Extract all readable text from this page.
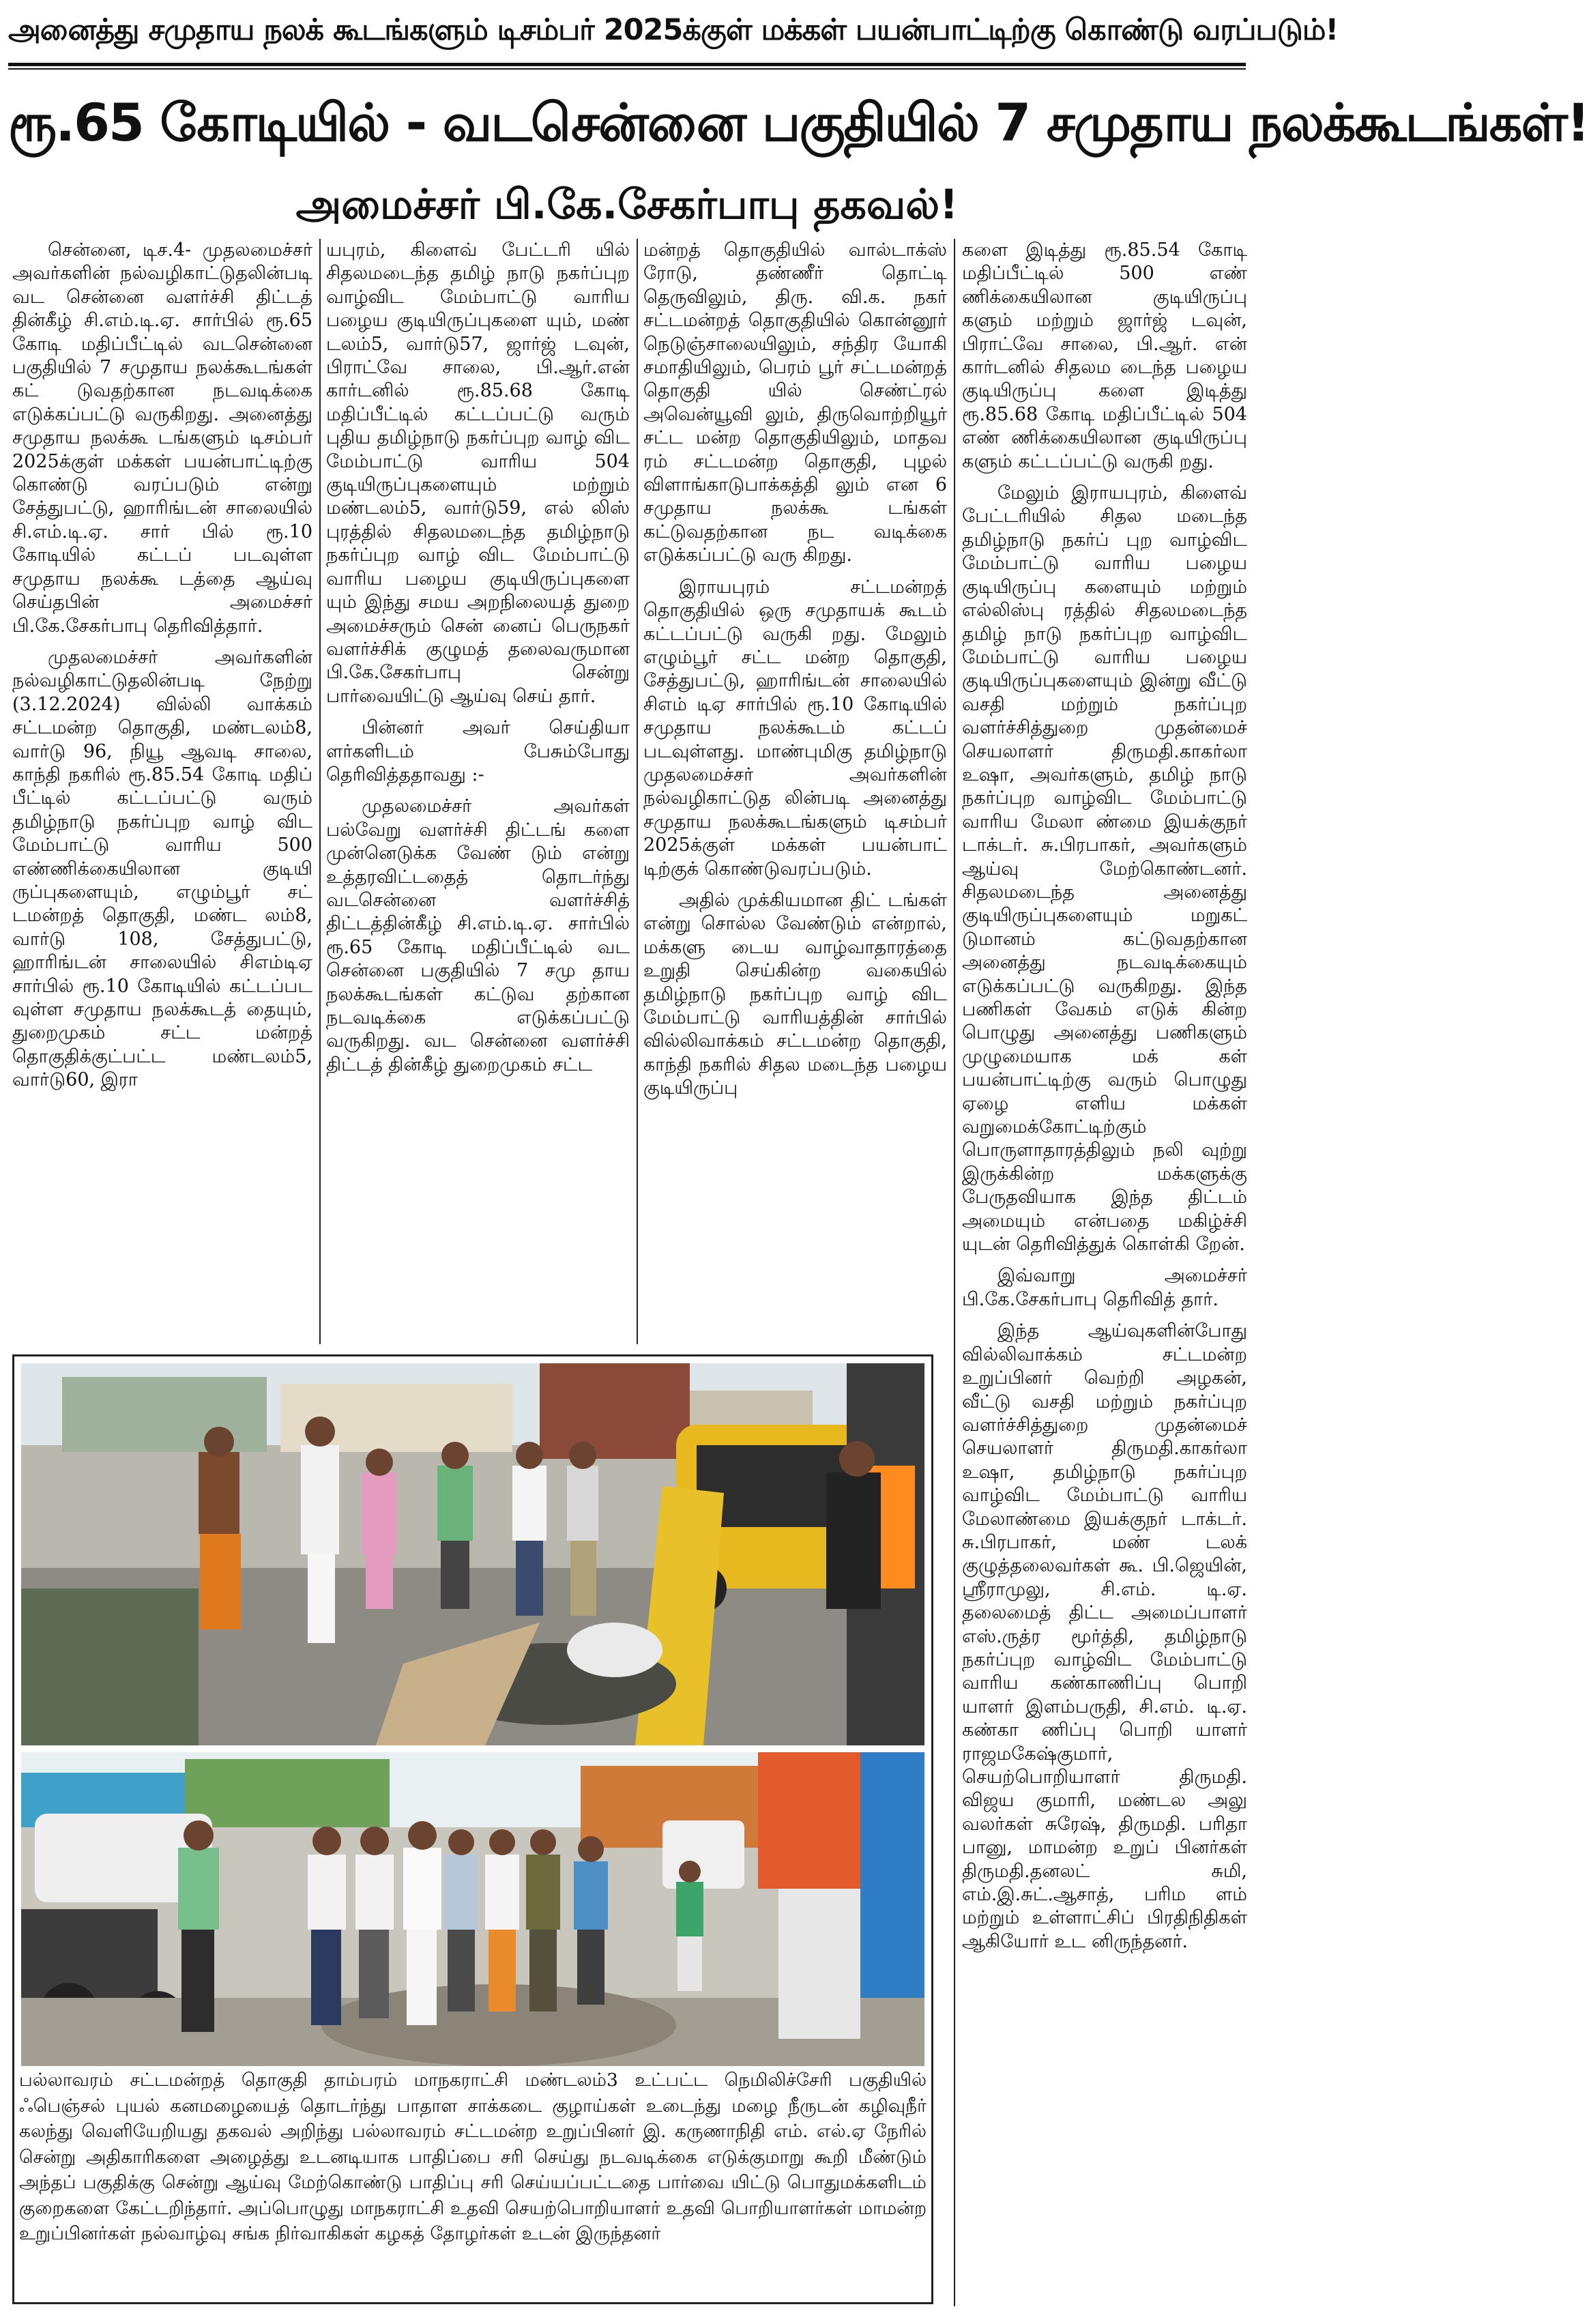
அனைத்து சமுதாய நலக் கூடங்களும் டிசம்பர் 2025க்குள் மக்கள் பயன்பாட்டிற்கு கொண்டு வரப்படும்!
ரூ.65 கோடியில் - வடசென்னை பகுதியில் 7 சமுதாய நலக்கூடங்கள்!
அமைச்சர் பி.கே.சேகர்பாபு தகவல்!

சென்னை, டிச.4- முதலமைச்சர் அவர்களின் நல்வழிகாட்டுதலின்படி வட சென்னை வளர்ச்சி திட்டத் தின்கீழ் சி.எம்.டி.ஏ. சார்பில் ரூ.65 கோடி மதிப்பீட்டில் வடசென்னை பகுதியில் 7 சமுதாய நலக்கூடங்கள் கட் டுவதற்கான நடவடிக்கை எடுக்கப்பட்டு வருகிறது. அனைத்து சமுதாய நலக்கூ டங்களும் டிசம்பர் 2025க்குள் மக்கள் பயன்பாட்டிற்கு கொண்டு வரப்படும் என்று சேத்துபட்டு, ஹாரிங்டன் சாலையில் சி.எம்.டி.ஏ. சார் பில் ரூ.10 கோடியில் கட்டப் படவுள்ள சமுதாய நலக்கூ டத்தை ஆய்வு செய்தபின் அமைச்சர் பி.கே.சேகர்பாபு தெரிவித்தார்.

முதலமைச்சர் அவர்களின் நல்வழிகாட்டுதலின்படி நேற்று (3.12.2024) வில்லி வாக்கம் சட்டமன்ற தொகுதி, மண்டலம்8, வார்டு 96, நியூ ஆவடி சாலை, காந்தி நகரில் ரூ.85.54 கோடி மதிப் பீட்டில் கட்டப்பட்டு வரும் தமிழ்நாடு நகர்ப்புற வாழ் விட மேம்பாட்டு வாரிய 500 எண்ணிக்கையிலான குடியி ருப்புகளையும், எழும்பூர் சட் டமன்றத் தொகுதி, மண்ட லம்8, வார்டு 108, சேத்துபட்டு, ஹாரிங்டன் சாலையில் சிஎம்டிஏ சார்பில் ரூ.10 கோடியில் கட்டப்பட வுள்ள சமுதாய நலக்கூடத் தையும், துறைமுகம் சட்ட மன்றத் தொகுதிக்குட்பட்ட மண்டலம்5, வார்டு60, இரா

யபுரம், கிளைவ் பேட்டரி யில் சிதலமடைந்த தமிழ் நாடு நகர்ப்புற வாழ்விட மேம்பாட்டு வாரிய பழைய குடியிருப்புகளை யும், மண் டலம்5, வார்டு57, ஜார்ஜ் டவுன், பிராட்வே சாலை, பி.ஆர்.என் கார்டனில் ரூ.85.68 கோடி மதிப்பீட்டில் கட்டப்பட்டு வரும் புதிய தமிழ்நாடு நகர்ப்புற வாழ் விட மேம்பாட்டு வாரிய 504 குடியிருப்புகளையும் மற்றும் மண்டலம்5, வார்டு59, எல் லிஸ் புரத்தில் சிதலமடைந்த தமிழ்நாடு நகர்ப்புற வாழ் விட மேம்பாட்டு வாரிய பழைய குடியிருப்புகளை யும் இந்து சமய அறநிலையத் துறை அமைச்சரும் சென் னைப் பெருநகர் வளர்ச்சிக் குழுமத் தலைவருமான பி.கே.சேகர்பாபு சென்று பார்வையிட்டு ஆய்வு செய் தார்.

பின்னர் அவர் செய்தியா ளர்களிடம் பேசும்போது தெரிவித்ததாவது :-

முதலமைச்சர் அவர்கள் பல்வேறு வளர்ச்சி திட்டங் களை முன்னெடுக்க வேண் டும் என்று உத்தரவிட்டதைத் தொடர்ந்து வடசென்னை வளர்ச்சித் திட்டத்தின்கீழ் சி.எம்.டி.ஏ. சார்பில் ரூ.65 கோடி மதிப்பீட்டில் வட சென்னை பகுதியில் 7 சமு தாய நலக்கூடங்கள் கட்டுவ தற்கான நடவடிக்கை எடுக்கப்பட்டு வருகிறது. வட சென்னை வளர்ச்சி திட்டத் தின்கீழ் துறைமுகம் சட்ட

மன்றத் தொகுதியில் வால்டாக்ஸ் ரோடு, தண்ணீர் தொட்டி தெருவிலும், திரு. வி.க. நகர் சட்டமன்றத் தொகுதியில் கொன்னூர் நெடுஞ்சாலையிலும், சந்திர யோகி சமாதியிலும், பெரம் பூர் சட்டமன்றத் தொகுதி யில் செண்ட்ரல் அவென்யூவி லும், திருவொற்றியூர் சட்ட மன்ற தொகுதியிலும், மாதவ ரம் சட்டமன்ற தொகுதி, புழல் விளாங்காடுபாக்கத்தி லும் என 6 சமுதாய நலக்கூ டங்கள் கட்டுவதற்கான நட வடிக்கை எடுக்கப்பட்டு வரு கிறது.

இராயபுரம் சட்டமன்றத் தொகுதியில் ஒரு சமுதாயக் கூடம் கட்டப்பட்டு வருகி றது. மேலும் எழும்பூர் சட்ட மன்ற தொகுதி, சேத்துபட்டு, ஹாரிங்டன் சாலையில் சிஎம் டிஏ சார்பில் ரூ.10 கோடியில் சமுதாய நலக்கூடம் கட்டப் படவுள்ளது. மாண்புமிகு தமிழ்நாடு முதலமைச்சர் அவர்களின் நல்வழிகாட்டுத லின்படி அனைத்து சமுதாய நலக்கூடங்களும் டிசம்பர் 2025க்குள் மக்கள் பயன்பாட் டிற்குக் கொண்டுவரப்படும்.

அதில் முக்கியமான திட் டங்கள் என்று சொல்ல வேண்டும் என்றால், மக்களு டைய வாழ்வாதாரத்தை உறுதி செய்கின்ற வகையில் தமிழ்நாடு நகர்ப்புற வாழ் விட மேம்பாட்டு வாரியத்தின் சார்பில் வில்லிவாக்கம் சட்டமன்ற தொகுதி, காந்தி நகரில் சிதல மடைந்த பழைய குடியிருப்பு

களை இடித்து ரூ.85.54 கோடி மதிப்பீட்டில் 500 எண் ணிக்கையிலான குடியிருப்பு களும் மற்றும் ஜார்ஜ் டவுன், பிராட்வே சாலை, பி.ஆர். என் கார்டனில் சிதலம டைந்த பழைய குடியிருப்பு களை இடித்து ரூ.85.68 கோடி மதிப்பீட்டில் 504 எண் ணிக்கையிலான குடியிருப்பு களும் கட்டப்பட்டு வருகி றது.

மேலும் இராயபுரம், கிளைவ் பேட்டரியில் சிதல மடைந்த தமிழ்நாடு நகர்ப் புற வாழ்விட மேம்பாட்டு வாரிய பழைய குடியிருப்பு களையும் மற்றும் எல்லிஸ்பு ரத்தில் சிதலமடைந்த தமிழ் நாடு நகர்ப்புற வாழ்விட மேம்பாட்டு வாரிய பழைய குடியிருப்புகளையும் இன்று வீட்டு வசதி மற்றும் நகர்ப்புற வளர்ச்சித்துறை முதன்மைச் செயலாளர் திருமதி.காகர்லா உஷா, அவர்களும், தமிழ் நாடு நகர்ப்புற வாழ்விட மேம்பாட்டு வாரிய மேலா ண்மை இயக்குநர் டாக்டர். சு.பிரபாகர், அவர்களும் ஆய்வு மேற்கொண்டனர். சிதலமடைந்த அனைத்து குடியிருப்புகளையும் மறுகட் டுமானம் கட்டுவதற்கான அனைத்து நடவடிக்கையும் எடுக்கப்பட்டு வருகிறது. இந்த பணிகள் வேகம் எடுக் கின்ற பொழுது அனைத்து பணிகளும் முழுமையாக மக் கள் பயன்பாட்டிற்கு வரும் பொழுது ஏழை எளிய மக்கள் வறுமைக்கோட்டிற்கும் பொருளாதாரத்திலும் நலி வுற்று இருக்கின்ற மக்களுக்கு பேருதவியாக இந்த திட்டம் அமையும் என்பதை மகிழ்ச்சி யுடன் தெரிவித்துக் கொள்கி றேன்.

இவ்வாறு அமைச்சர் பி.கே.சேகர்பாபு தெரிவித் தார்.

இந்த ஆய்வுகளின்போது வில்லிவாக்கம் சட்டமன்ற உறுப்பினர் வெற்றி அழகன், வீட்டு வசதி மற்றும் நகர்ப்புற வளர்ச்சித்துறை முதன்மைச் செயலாளர் திருமதி.காகர்லா உஷா, தமிழ்நாடு நகர்ப்புற வாழ்விட மேம்பாட்டு வாரிய மேலாண்மை இயக்குநர் டாக்டர். சு.பிரபாகர், மண் டலக் குழுத்தலைவர்கள் கூ. பி.ஜெயின், ஸ்ரீராமுலு, சி.எம். டி.ஏ. தலைமைத் திட்ட அமைப்பாளர் எஸ்.ருத்ர மூர்த்தி, தமிழ்நாடு நகர்ப்புற வாழ்விட மேம்பாட்டு வாரிய கண்காணிப்பு பொறி யாளர் இளம்பருதி, சி.எம். டி.ஏ. கண்கா ணிப்பு பொறி யாளர் ராஜமகேஷ்குமார், செயற்பொறியாளர் திருமதி. விஜய குமாரி, மண்டல அலு வலர்கள் சுரேஷ், திருமதி. பரிதா பானு, மாமன்ற உறுப் பினர்கள் திருமதி.தனலட் சுமி, எம்.இ.சுட்.ஆசாத், பரிம ளம் மற்றும் உள்ளாட்சிப் பிரதிநிதிகள் ஆகியோர் உட னிருந்தனர்.

பல்லாவரம் சட்டமன்றத் தொகுதி தாம்பரம் மாநகராட்சி மண்டலம்3 உட்பட்ட நெமிலிச்சேரி பகுதியில் ஃபெஞ்சல் புயல் கனமழையைத் தொடர்ந்து பாதாள சாக்கடை குழாய்கள் உடைந்து மழை நீருடன் கழிவுநீர் கலந்து வெளியேறியது தகவல் அறிந்து பல்லாவரம் சட்டமன்ற உறுப்பினர் இ. கருணாநிதி எம். எல்.ஏ நேரில் சென்று அதிகாரிகளை அழைத்து உடனடியாக பாதிப்பை சரி செய்து நடவடிக்கை எடுக்குமாறு கூறி மீண்டும் அந்தப் பகுதிக்கு சென்று ஆய்வு மேற்கொண்டு பாதிப்பு சரி செய்யப்பட்டதை பார்வை யிட்டு பொதுமக்களிடம் குறைகளை கேட்டறிந்தார். அப்பொழுது மாநகராட்சி உதவி செயற்பொறியாளர் உதவி பொறியாளர்கள் மாமன்ற உறுப்பினர்கள் நல்வாழ்வு சங்க நிர்வாகிகள் கழகத் தோழர்கள் உடன் இருந்தனர்
